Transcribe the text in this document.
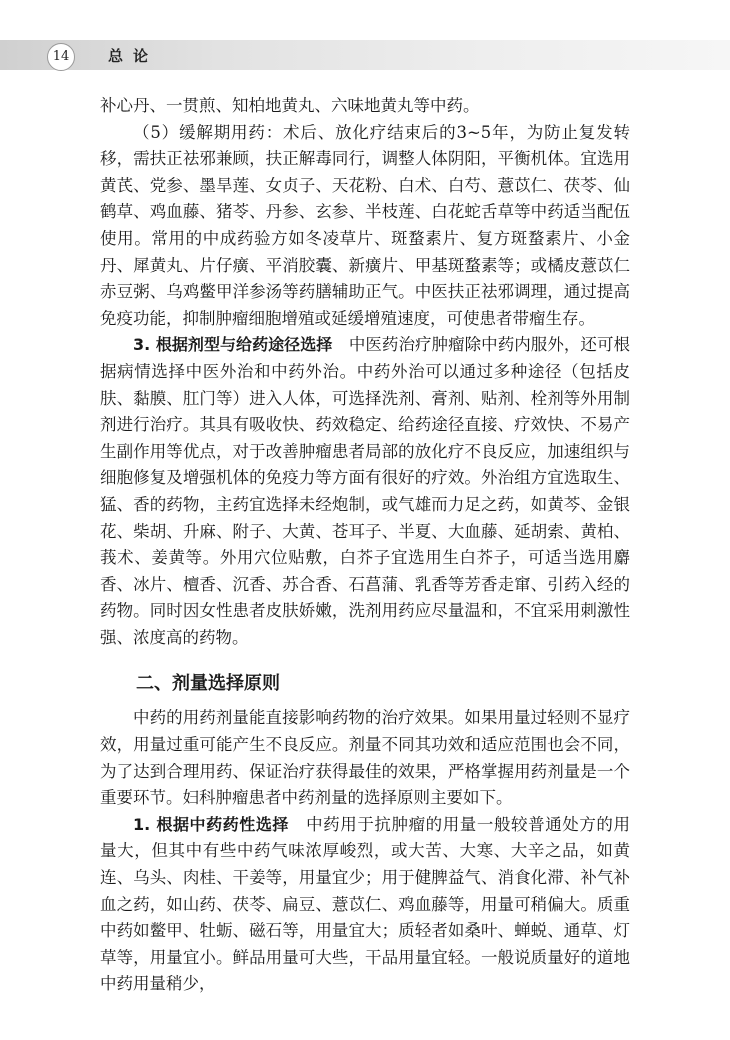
14	总论

补心丹、一贯煎、知柏地黄丸、六味地黄丸等中药。

（5）缓解期用药：术后、放化疗结束后的3~5年，为防止复发转移，需扶正祛邪兼顾，扶正解毒同行，调整人体阴阳，平衡机体。宜选用黄芪、党参、墨旱莲、女贞子、天花粉、白术、白芍、薏苡仁、茯苓、仙鹤草、鸡血藤、猪苓、丹参、玄参、半枝莲、白花蛇舌草等中药适当配伍使用。常用的中成药验方如冬凌草片、斑蝥素片、复方斑蝥素片、小金丹、犀黄丸、片仔癀、平消胶囊、新癀片、甲基斑蝥素等；或橘皮薏苡仁赤豆粥、乌鸡鳖甲洋参汤等药膳辅助正气。中医扶正祛邪调理，通过提高免疫功能，抑制肿瘤细胞增殖或延缓增殖速度，可使患者带瘤生存。

3. 根据剂型与给药途径选择　 中医药治疗肿瘤除中药内服外，还可根据病情选择中医外治和中药外治。中药外治可以通过多种途径（包括皮肤、黏膜、肛门等）进入人体，可选择洗剂、膏剂、贴剂、栓剂等外用制剂进行治疗。其具有吸收快、药效稳定、给药途径直接、疗效快、不易产生副作用等优点，对于改善肿瘤患者局部的放化疗不良反应，加速组织与细胞修复及增强机体的免疫力等方面有很好的疗效。外治组方宜选取生、猛、香的药物，主药宜选择未经炮制，或气雄而力足之药，如黄芩、金银花、柴胡、升麻、附子、大黄、苍耳子、半夏、大血藤、延胡索、黄柏、莪术、姜黄等。外用穴位贴敷，白芥子宜选用生白芥子，可适当选用麝香、冰片、檀香、沉香、苏合香、石菖蒲、乳香等芳香走窜、引药入经的药物。同时因女性患者皮肤娇嫩，洗剂用药应尽量温和，不宜采用刺激性强、浓度高的药物。

二、剂量选择原则

中药的用药剂量能直接影响药物的治疗效果。如果用量过轻则不显疗效，用量过重可能产生不良反应。剂量不同其功效和适应范围也会不同，为了达到合理用药、保证治疗获得最佳的效果，严格掌握用药剂量是一个重要环节。妇科肿瘤患者中药剂量的选择原则主要如下。

1. 根据中药药性选择　 中药用于抗肿瘤的用量一般较普通处方的用量大，但其中有些中药气味浓厚峻烈，或大苦、大寒、大辛之品，如黄连、乌头、肉桂、干姜等，用量宜少；用于健脾益气、消食化滞、补气补血之药，如山药、茯苓、扁豆、薏苡仁、鸡血藤等，用量可稍偏大。质重中药如鳖甲、牡蛎、磁石等，用量宜大；质轻者如桑叶、蝉蜕、通草、灯草等，用量宜小。鲜品用量可大些，干品用量宜轻。一般说质量好的道地中药用量稍少，
